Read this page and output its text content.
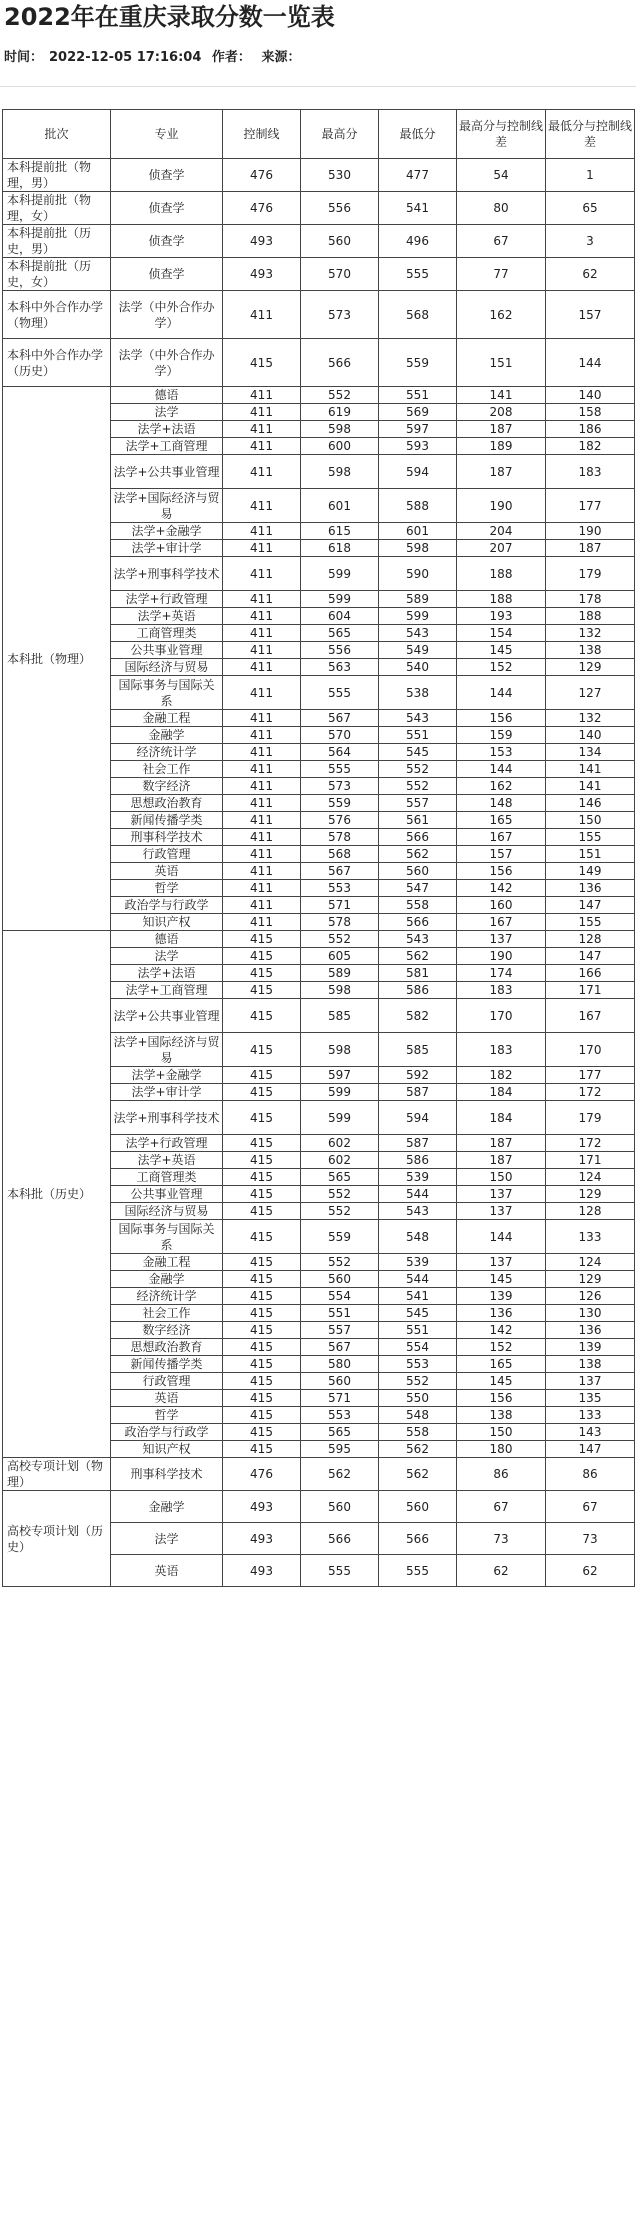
2022年在重庆录取分数一览表
时间： 2022-12-05 17:16:04 作者： 来源：
批次	专业	控制线	最高分	最低分	最高分与控制线差	最低分与控制线差
本科提前批（物理，男）	侦查学	476	530	477	54	1
本科提前批（物理，女）	侦查学	476	556	541	80	65
本科提前批（历史，男）	侦查学	493	560	496	67	3
本科提前批（历史，女）	侦查学	493	570	555	77	62
本科中外合作办学（物理）	法学（中外合作办学）	411	573	568	162	157
本科中外合作办学（历史）	法学（中外合作办学）	415	566	559	151	144
本科批（物理）	德语	411	552	551	141	140
	法学	411	619	569	208	158
	法学+法语	411	598	597	187	186
	法学+工商管理	411	600	593	189	182
	法学+公共事业管理	411	598	594	187	183
	法学+国际经济与贸易	411	601	588	190	177
	法学+金融学	411	615	601	204	190
	法学+审计学	411	618	598	207	187
	法学+刑事科学技术	411	599	590	188	179
	法学+行政管理	411	599	589	188	178
	法学+英语	411	604	599	193	188
	工商管理类	411	565	543	154	132
	公共事业管理	411	556	549	145	138
	国际经济与贸易	411	563	540	152	129
	国际事务与国际关系	411	555	538	144	127
	金融工程	411	567	543	156	132
	金融学	411	570	551	159	140
	经济统计学	411	564	545	153	134
	社会工作	411	555	552	144	141
	数字经济	411	573	552	162	141
	思想政治教育	411	559	557	148	146
	新闻传播学类	411	576	561	165	150
	刑事科学技术	411	578	566	167	155
	行政管理	411	568	562	157	151
	英语	411	567	560	156	149
	哲学	411	553	547	142	136
	政治学与行政学	411	571	558	160	147
	知识产权	411	578	566	167	155
本科批（历史）	德语	415	552	543	137	128
	法学	415	605	562	190	147
	法学+法语	415	589	581	174	166
	法学+工商管理	415	598	586	183	171
	法学+公共事业管理	415	585	582	170	167
	法学+国际经济与贸易	415	598	585	183	170
	法学+金融学	415	597	592	182	177
	法学+审计学	415	599	587	184	172
	法学+刑事科学技术	415	599	594	184	179
	法学+行政管理	415	602	587	187	172
	法学+英语	415	602	586	187	171
	工商管理类	415	565	539	150	124
	公共事业管理	415	552	544	137	129
	国际经济与贸易	415	552	543	137	128
	国际事务与国际关系	415	559	548	144	133
	金融工程	415	552	539	137	124
	金融学	415	560	544	145	129
	经济统计学	415	554	541	139	126
	社会工作	415	551	545	136	130
	数字经济	415	557	551	142	136
	思想政治教育	415	567	554	152	139
	新闻传播学类	415	580	553	165	138
	行政管理	415	560	552	145	137
	英语	415	571	550	156	135
	哲学	415	553	548	138	133
	政治学与行政学	415	565	558	150	143
	知识产权	415	595	562	180	147
高校专项计划（物理）	刑事科学技术	476	562	562	86	86
高校专项计划（历史）	金融学	493	560	560	67	67
	法学	493	566	566	73	73
	英语	493	555	555	62	62
